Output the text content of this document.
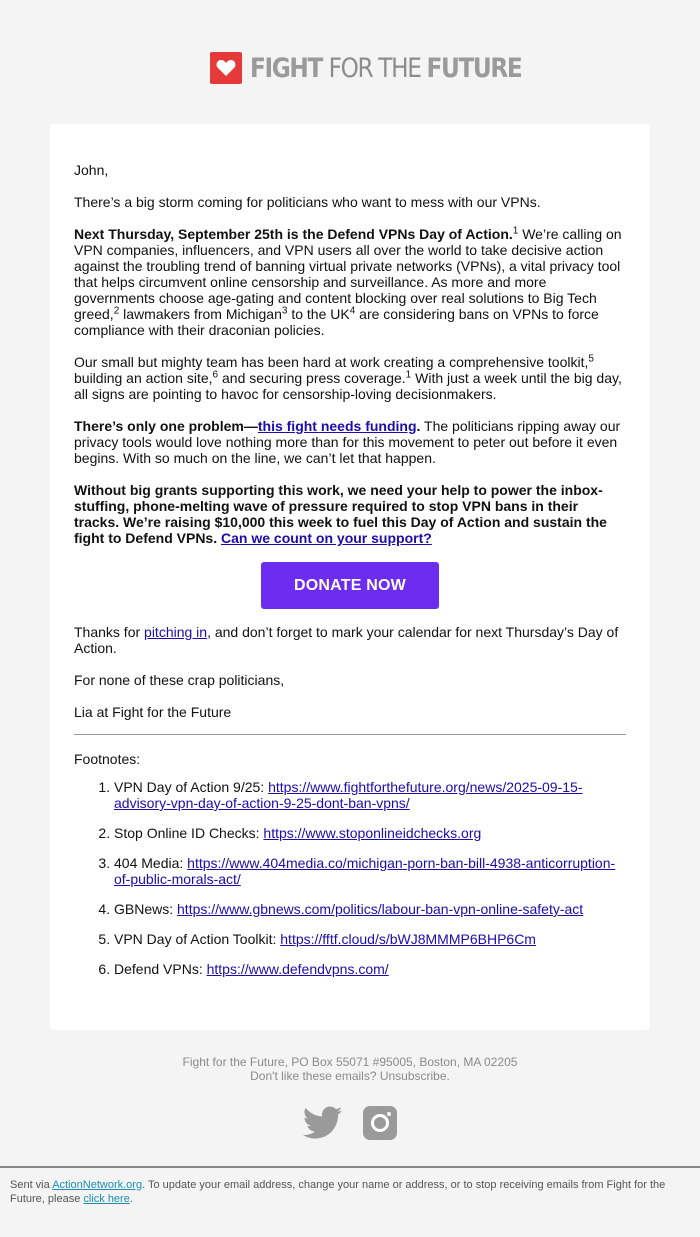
FIGHT FOR THE FUTURE

John,

There’s a big storm coming for politicians who want to mess with our VPNs.

Next Thursday, September 25th is the Defend VPNs Day of Action.$^1$ We’re calling on VPN companies, influencers, and VPN users all over the world to take decisive action against the troubling trend of banning virtual private networks (VPNs), a vital privacy tool that helps circumvent online censorship and surveillance. As more and more governments choose age-gating and content blocking over real solutions to Big Tech greed,$^2$ lawmakers from Michigan$^3$ to the $UK^4$ are considering bans on VPNs to force compliance with their draconian policies.

Our small but mighty team has been hard at work creating a comprehensive toolkit,$^5$ building an action site,$^6$ and securing press coverage.$^1$ With just a week until the big day, all signs are pointing to havoc for censorship-loving decisionmakers.

There’s only one problem—this fight needs funding. The politicians ripping away our privacy tools would love nothing more than for this movement to peter out before it even begins. With so much on the line, we can’t let that happen.

Without big grants supporting this work, we need your help to power the inbox-stuffing, phone-melting wave of pressure required to stop VPN bans in their tracks. We’re raising $10,000 this week to fuel this Day of Action and sustain the fight to Defend VPNs. Can we count on your support?

DONATE NOW

Thanks for pitching in, and don’t forget to mark your calendar for next Thursday’s Day of Action.

For none of these crap politicians,

Lia at Fight for the Future

Footnotes:
1. VPN Day of Action 9/25: https://www.fightforthefuture.org/news/2025-09-15-advisory-vpn-day-of-action-9-25-dont-ban-vpns/
2. Stop Online ID Checks: https://www.stoponlineidchecks.org
3. 404 Media: https://www.404media.co/michigan-porn-ban-bill-4938-anticorruption-of-public-morals-act/
4. GBNews: https://www.gbnews.com/politics/labour-ban-vpn-online-safety-act
5. VPN Day of Action Toolkit: https://fftf.cloud/s/bWJ8MMMP6BHP6Cm
6. Defend VPNs: https://www.defendvpns.com/
Fight for the Future, PO Box 55071 #95005, Boston, MA 02205
Don't like these emails? Unsubscribe.
Sent via ActionNetwork.org. To update your email address, change your name or address, or to stop receiving emails from Fight for the Future, please click here.
